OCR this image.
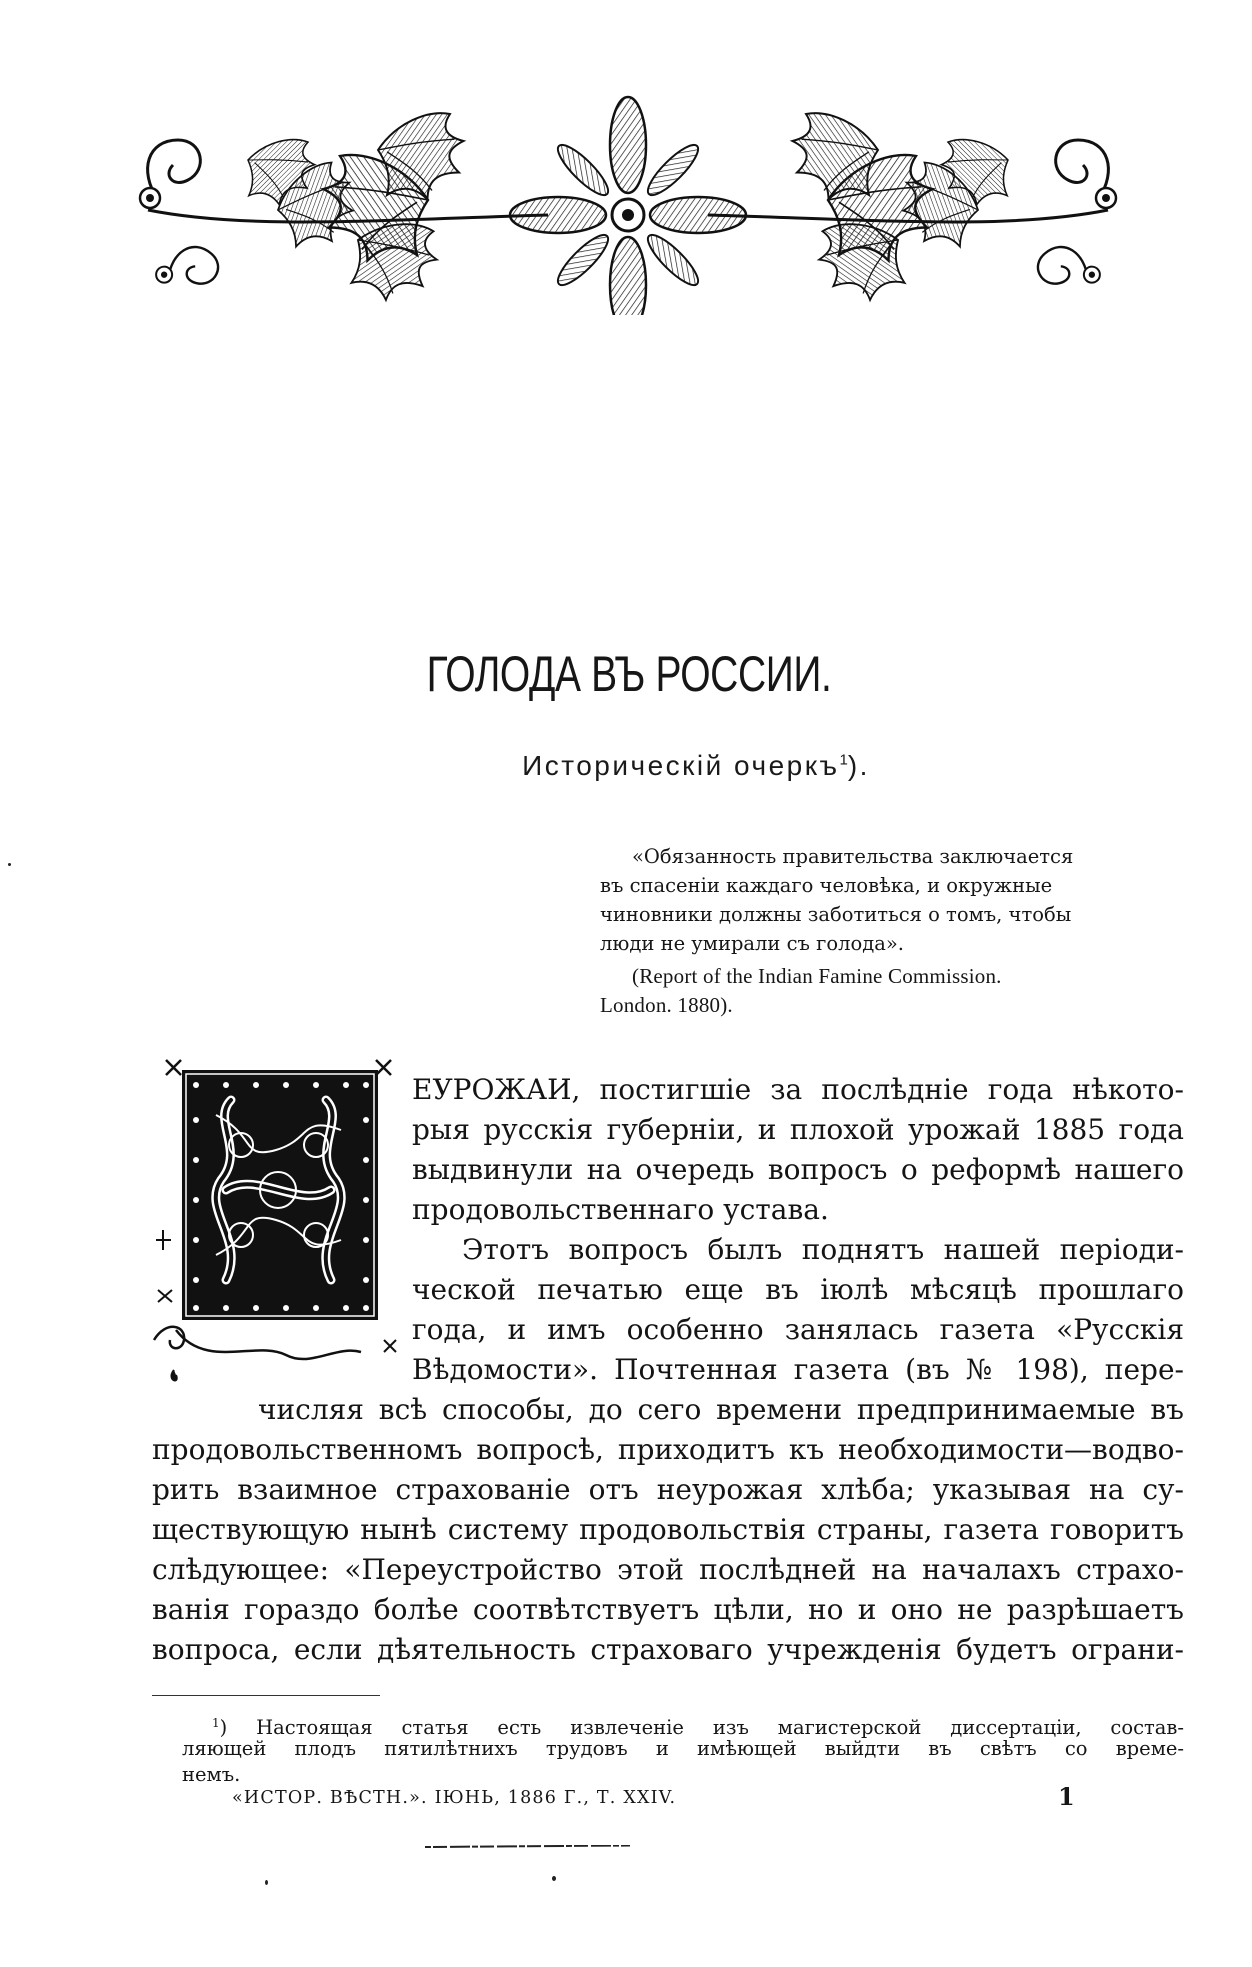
ГОЛОДА ВЪ РОССИИ.
Историческій очеркъ$^1$).

«Обязанность правительства заключается
въ спасеніи каждаго человѣка, и окружные
чиновники должны заботиться о томъ, чтобы
люди не умирали съ голода».

(Report of the Indian Famine Commission.
London. 1880).

ЕУРОЖАИ, постигшіе за послѣдніе года нѣкото-
рыя русскія губерніи, и плохой урожай 1885 года
выдвинули на очередь вопросъ о реформѣ нашего
продовольственнаго устава.
Этотъ вопросъ былъ поднятъ нашей періоди-
ческой печатью еще въ іюлѣ мѣсяцѣ прошлаго
года, и имъ особенно занялась газета «Русскія
Вѣдомости». Почтенная газета (въ № 198), пере-
числяя всѣ способы, до сего времени предпринимаемые въ
продовольственномъ вопросѣ, приходитъ къ необходимости—водво-
рить взаимное страхованіе отъ неурожая хлѣба; указывая на су-
ществующую нынѣ систему продовольствія страны, газета говоритъ
слѣдующее: «Переустройство этой послѣдней на началахъ страхо-
ванія гораздо болѣе соотвѣтствуетъ цѣли, но и оно не разрѣшаетъ
вопроса, если дѣятельность страховаго учрежденія будетъ ограни-
$^1$) Настоящая статья есть извлеченіе изъ магистерской диссертаціи, состав-
ляющей плодъ пятилѣтнихъ трудовъ и имѣющей выйдти въ свѣтъ со време-
немъ.
«ИСТОР. ВѢСТН.». ІЮНЬ, 1886 Г., Т. XXIV.	1
